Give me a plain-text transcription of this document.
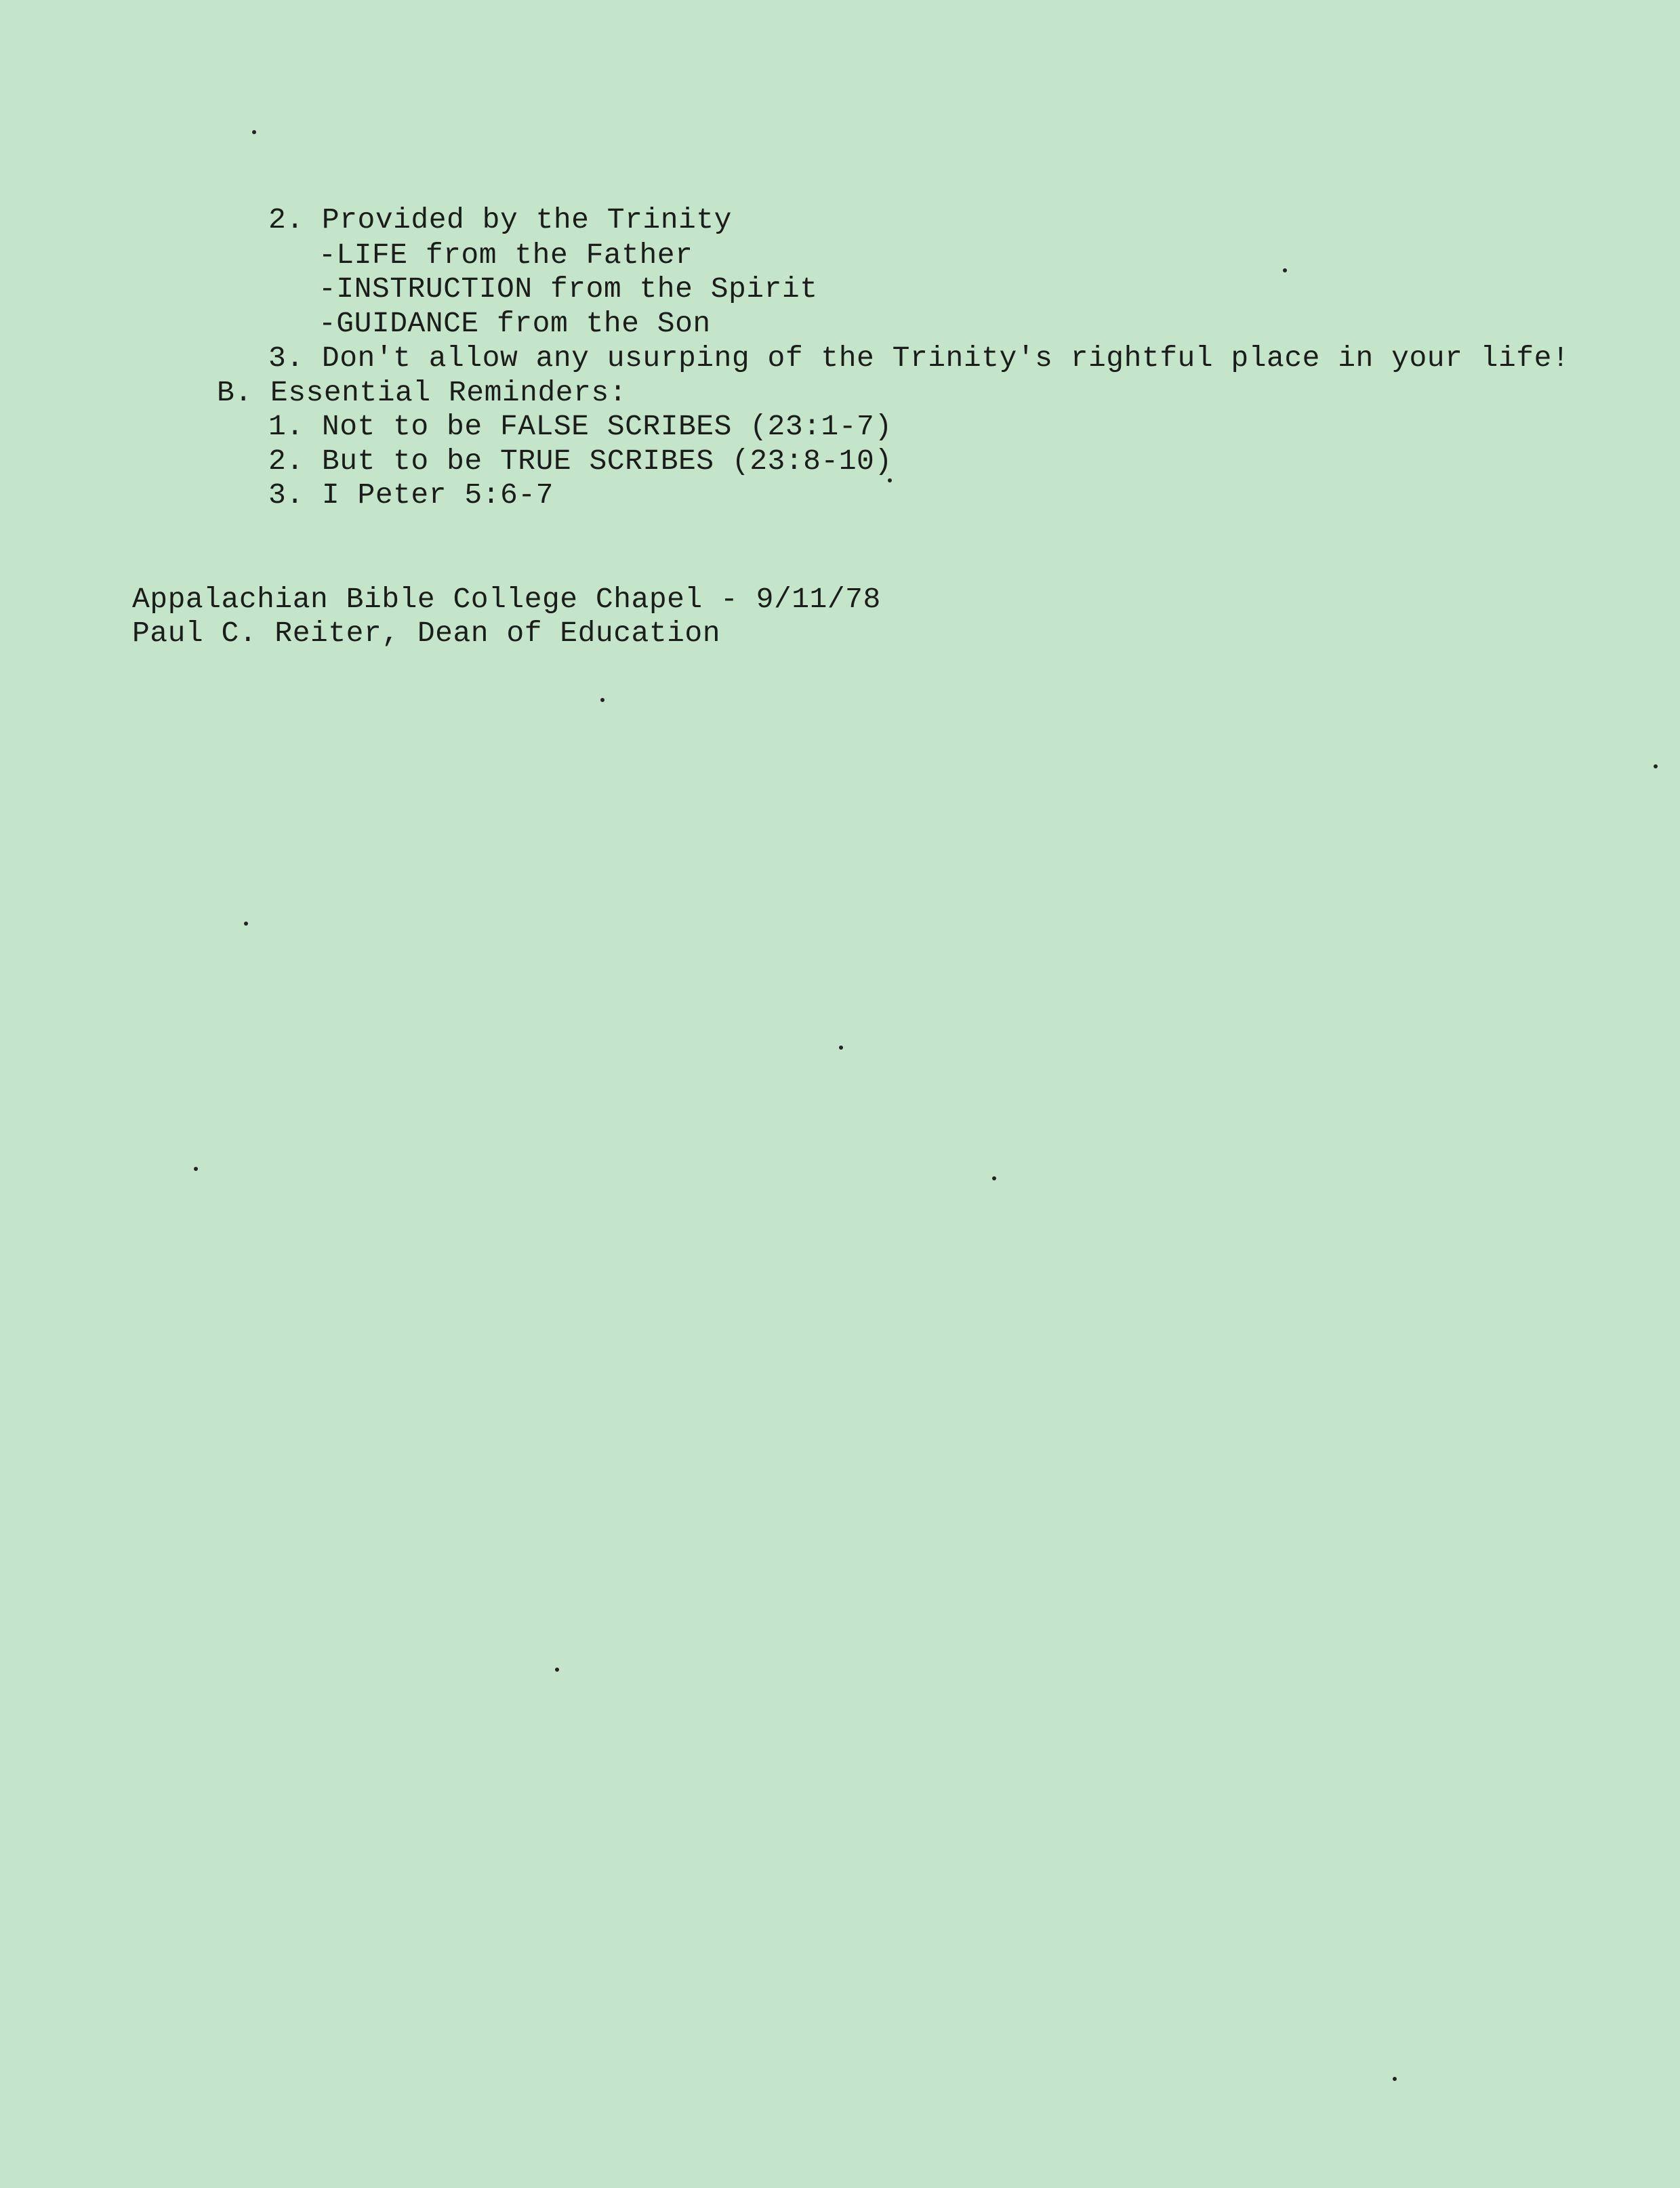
2. Provided by the Trinity
-LIFE from the Father
-INSTRUCTION from the Spirit
-GUIDANCE from the Son
3. Don't allow any usurping of the Trinity's rightful place in your life!
B. Essential Reminders:
1. Not to be FALSE SCRIBES (23:1-7)
2. But to be TRUE SCRIBES (23:8-10)
3. I Peter 5:6-7
Appalachian Bible College Chapel - 9/11/78
Paul C. Reiter, Dean of Education
